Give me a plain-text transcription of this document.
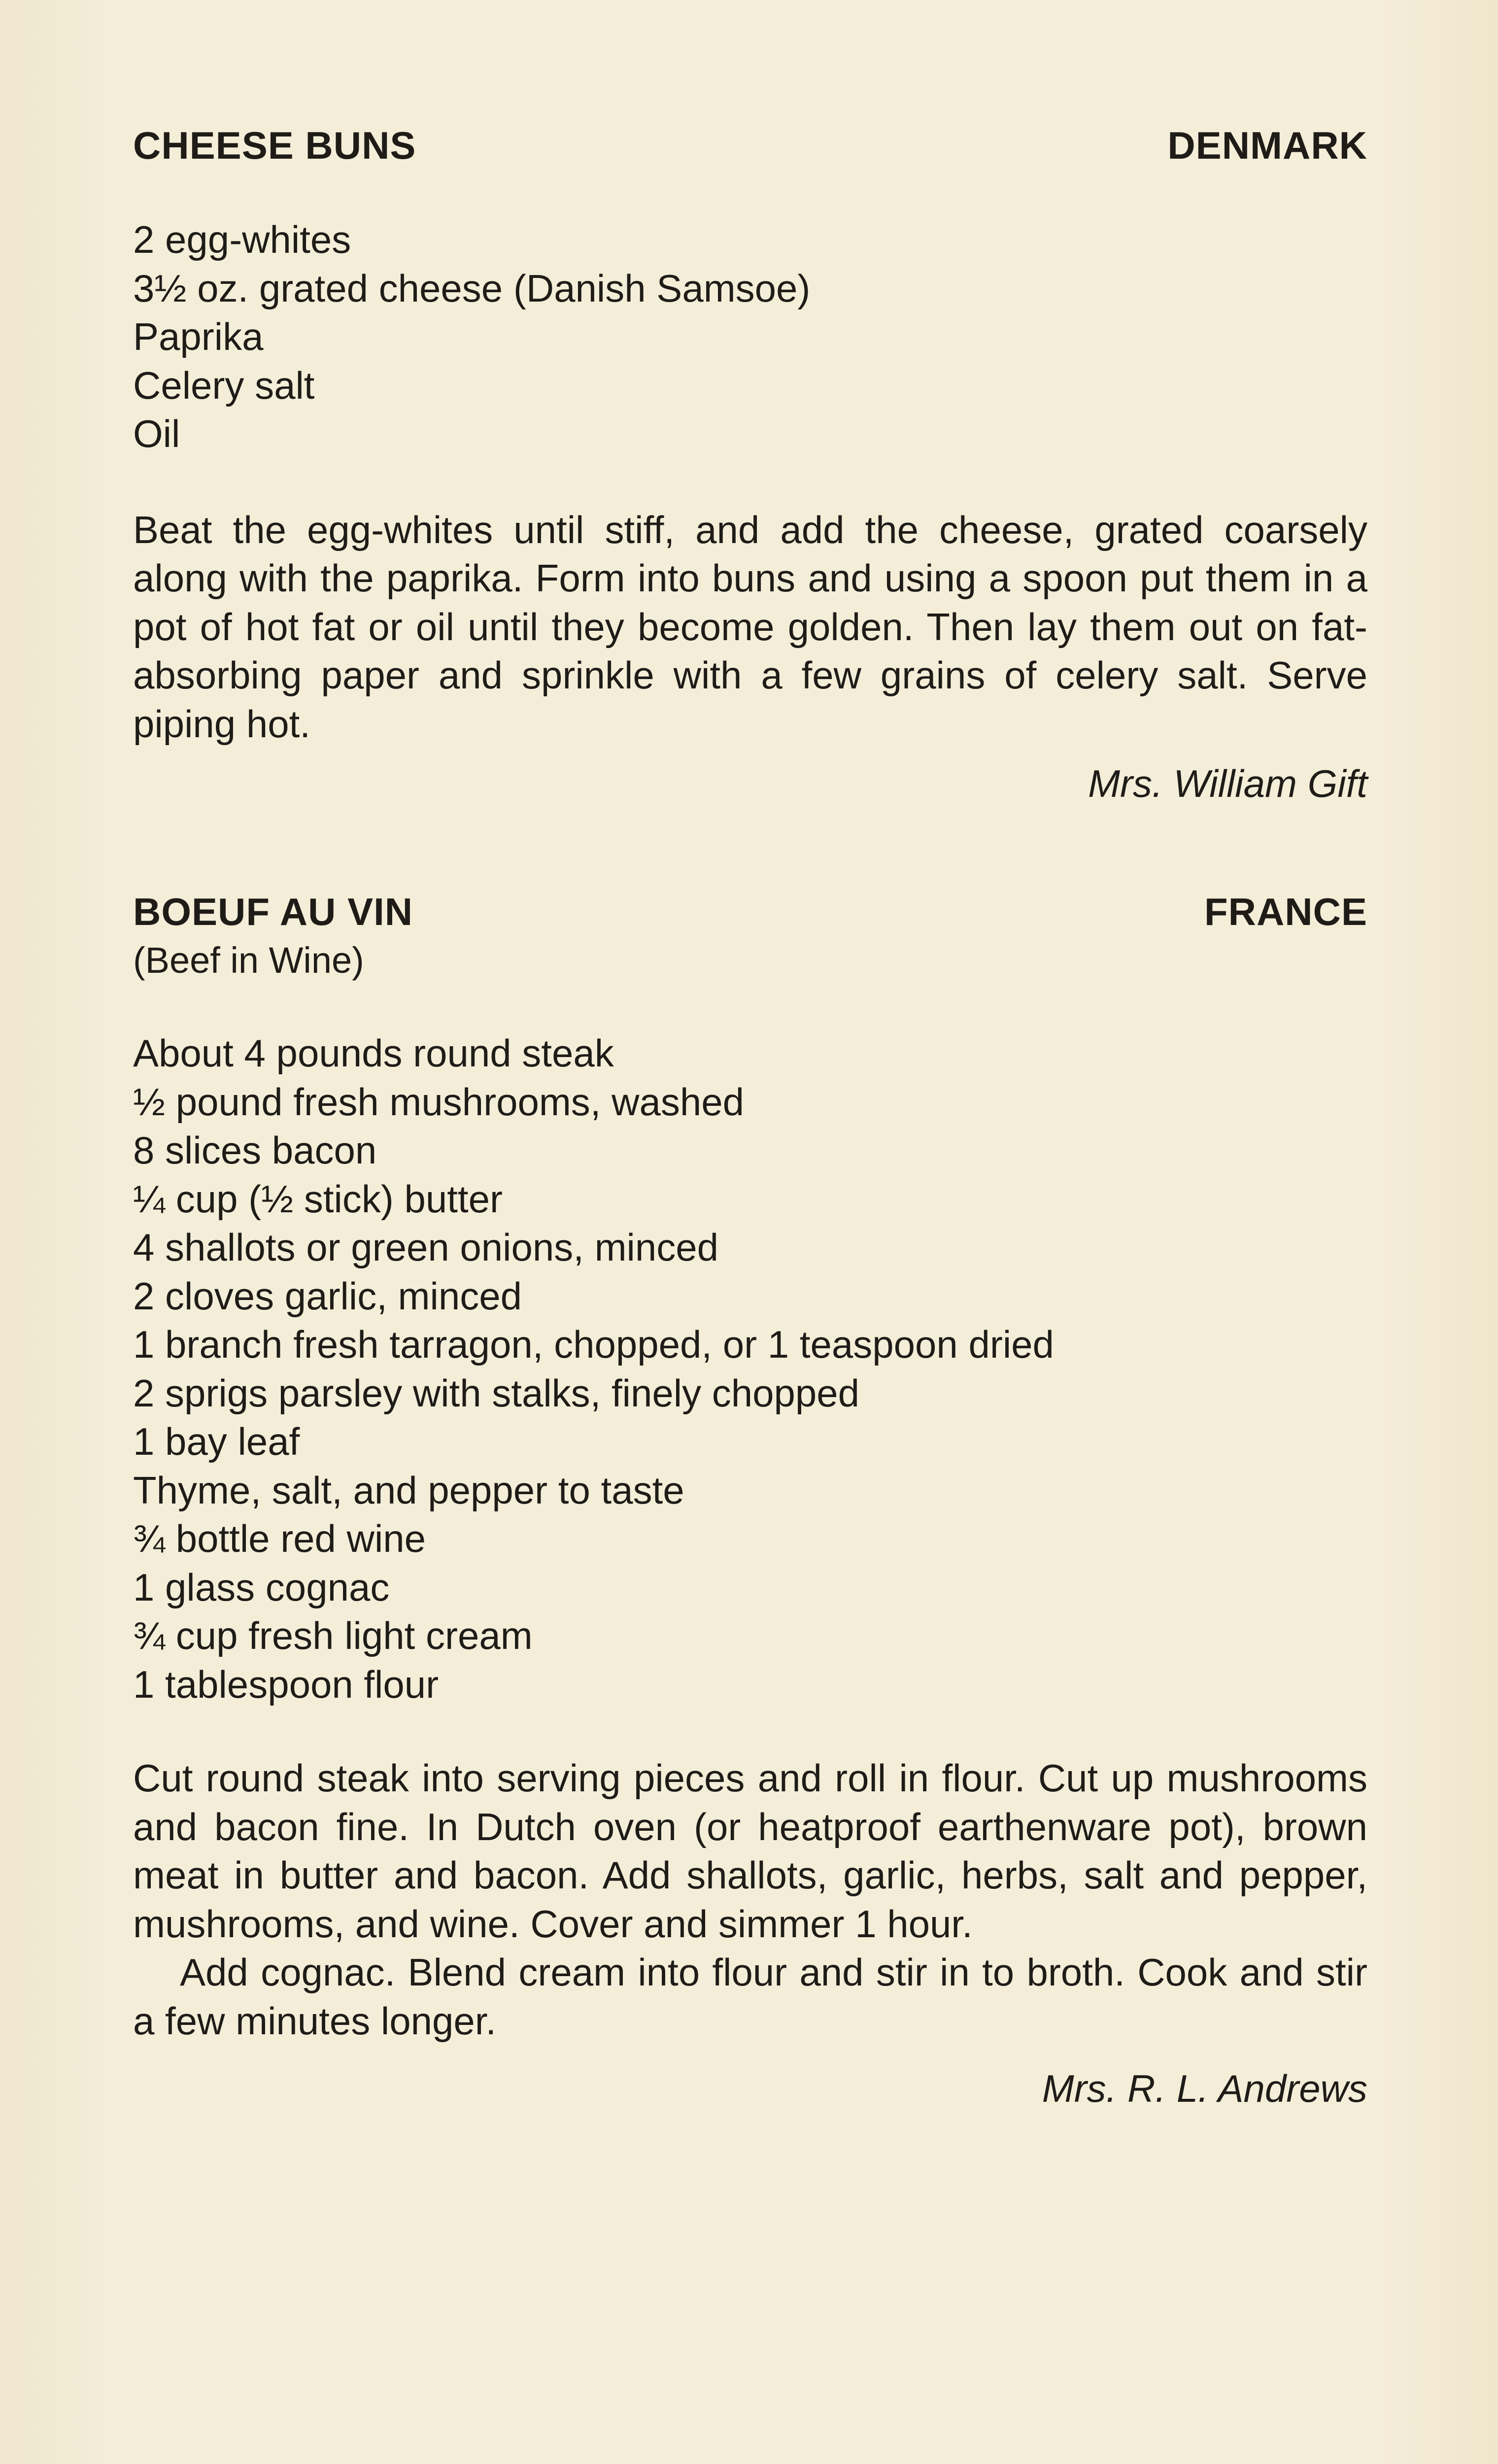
CHEESE BUNS	DENMARK
2 egg-whites
3½ oz. grated cheese (Danish Samsoe)
Paprika
Celery salt
Oil

Beat the egg-whites until stiff, and add the cheese, grated coarsely along with the paprika. Form into buns and using a spoon put them in a pot of hot fat or oil until they become golden. Then lay them out on fat-absorbing paper and sprinkle with a few grains of celery salt. Serve piping hot.

Mrs. William Gift
BOEUF AU VIN	FRANCE
(Beef in Wine)
About 4 pounds round steak
½ pound fresh mushrooms, washed
8 slices bacon
¼ cup (½ stick) butter
4 shallots or green onions, minced
2 cloves garlic, minced
1 branch fresh tarragon, chopped, or 1 teaspoon dried
2 sprigs parsley with stalks, finely chopped
1 bay leaf
Thyme, salt, and pepper to taste
¾ bottle red wine
1 glass cognac
¾ cup fresh light cream
1 tablespoon flour

Cut round steak into serving pieces and roll in flour. Cut up mushrooms and bacon fine. In Dutch oven (or heatproof earthenware pot), brown meat in butter and bacon. Add shallots, garlic, herbs, salt and pepper, mushrooms, and wine. Cover and simmer 1 hour.

Add cognac. Blend cream into flour and stir in to broth. Cook and stir a few minutes longer.

Mrs. R. L. Andrews
